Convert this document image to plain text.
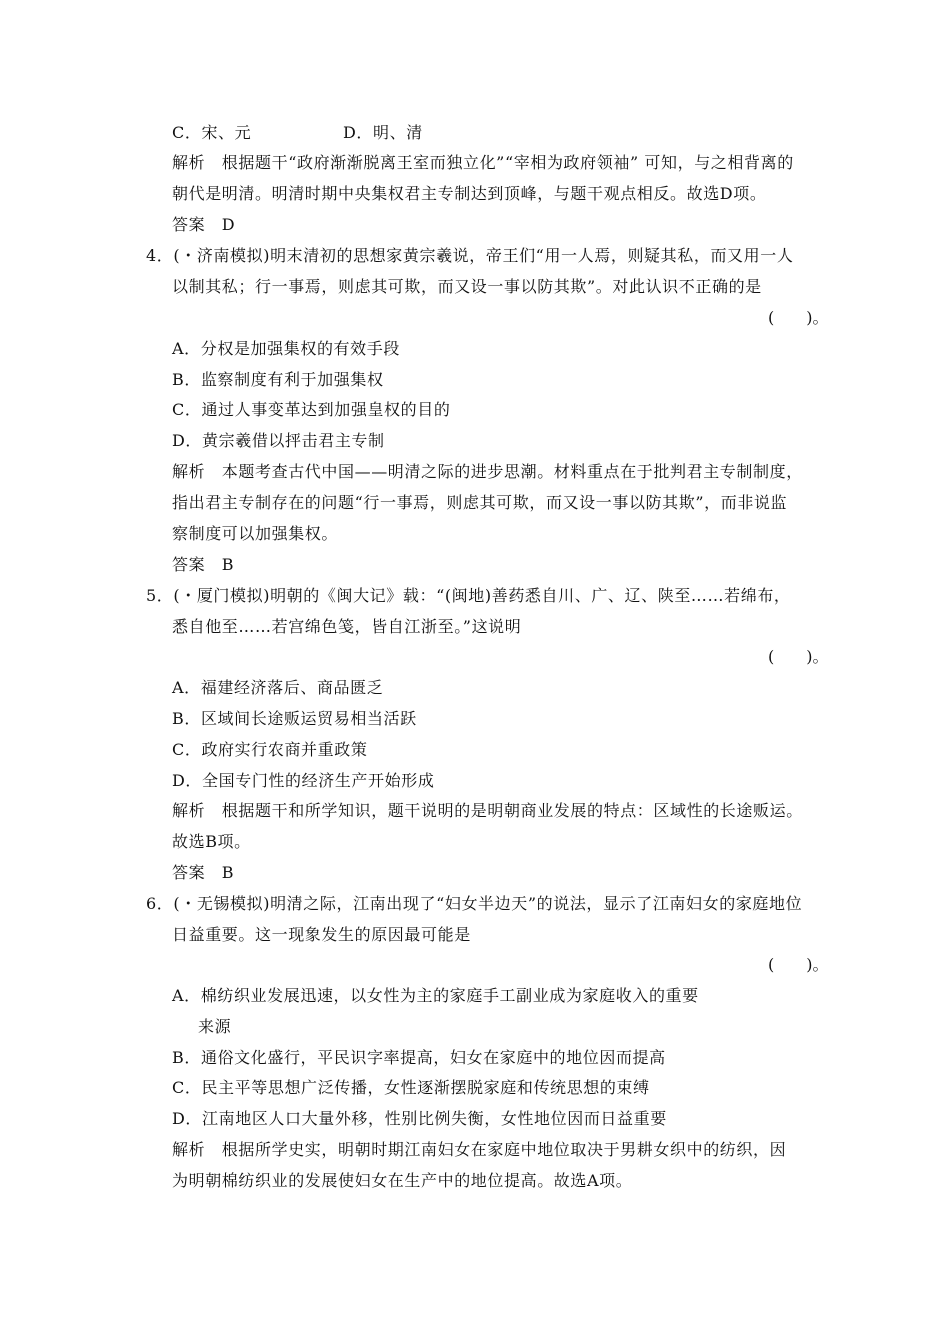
C．宋、元	D．明、清
解析　根据题干“政府渐渐脱离王室而独立化”“宰相为政府领袖” 可知，与之相背离的
朝代是明清。明清时期中央集权君主专制达到顶峰，与题干观点相反。故选D项。
答案　D
4．(・济南模拟)明末清初的思想家黄宗羲说，帝王们“用一人焉，则疑其私，而又用一人
以制其私；行一事焉，则虑其可欺，而又设一事以防其欺”。对此认识不正确的是
(　　)。
A．分权是加强集权的有效手段
B．监察制度有利于加强集权
C．通过人事变革达到加强皇权的目的
D．黄宗羲借以抨击君主专制
解析　本题考查古代中国——明清之际的进步思潮。材料重点在于批判君主专制制度，
指出君主专制存在的问题“行一事焉，则虑其可欺，而又设一事以防其欺”，而非说监
察制度可以加强集权。
答案　B
5．(・厦门模拟)明朝的《闽大记》载：“(闽地)善药悉自川、广、辽、陕至……若绵布，
悉自他至……若宫绵色笺，皆自江浙至。”这说明
(　　)。
A．福建经济落后、商品匮乏
B．区域间长途贩运贸易相当活跃
C．政府实行农商并重政策
D．全国专门性的经济生产开始形成
解析　根据题干和所学知识，题干说明的是明朝商业发展的特点：区域性的长途贩运。
故选B项。
答案　B
6．(・无锡模拟)明清之际，江南出现了“妇女半边天”的说法，显示了江南妇女的家庭地位
日益重要。这一现象发生的原因最可能是
(　　)。
A．棉纺织业发展迅速，以女性为主的家庭手工副业成为家庭收入的重要
来源
B．通俗文化盛行，平民识字率提高，妇女在家庭中的地位因而提高
C．民主平等思想广泛传播，女性逐渐摆脱家庭和传统思想的束缚
D．江南地区人口大量外移，性别比例失衡，女性地位因而日益重要
解析　根据所学史实，明朝时期江南妇女在家庭中地位取决于男耕女织中的纺织，因
为明朝棉纺织业的发展使妇女在生产中的地位提高。故选A项。
